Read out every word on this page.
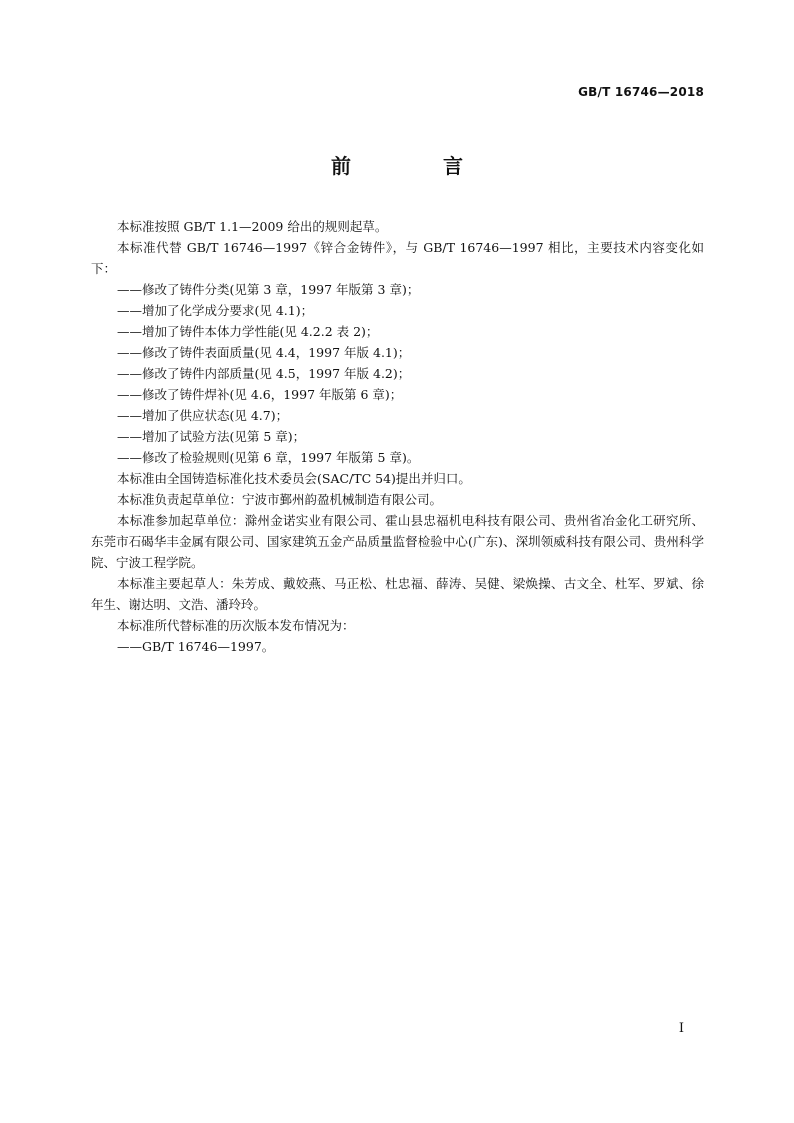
GB/T 16746—2018
前　言

本标准按照 GB/T 1.1—2009 给出的规则起草。

本标准代替 GB/T 16746—1997《锌合金铸件》，与 GB/T 16746—1997 相比，主要技术内容变化如下：

——修改了铸件分类(见第 3 章，1997 年版第 3 章)；

——增加了化学成分要求(见 4.1)；

——增加了铸件本体力学性能(见 4.2.2 表 2)；

——修改了铸件表面质量(见 4.4，1997 年版 4.1)；

——修改了铸件内部质量(见 4.5，1997 年版 4.2)；

——修改了铸件焊补(见 4.6，1997 年版第 6 章)；

——增加了供应状态(见 4.7)；

——增加了试验方法(见第 5 章)；

——修改了检验规则(见第 6 章，1997 年版第 5 章)。

本标准由全国铸造标准化技术委员会(SAC/TC 54)提出并归口。

本标准负责起草单位：宁波市鄞州韵盈机械制造有限公司。

本标准参加起草单位：滁州金诺实业有限公司、霍山县忠福机电科技有限公司、贵州省冶金化工研究所、东莞市石碣华丰金属有限公司、国家建筑五金产品质量监督检验中心(广东)、深圳领威科技有限公司、贵州科学院、宁波工程学院。

本标准主要起草人：朱芳成、戴姣燕、马正松、杜忠福、薛涛、吴健、梁焕操、古文全、杜军、罗斌、徐年生、谢达明、文浩、潘玲玲。

本标准所代替标准的历次版本发布情况为：

——GB/T 16746—1997。

I
